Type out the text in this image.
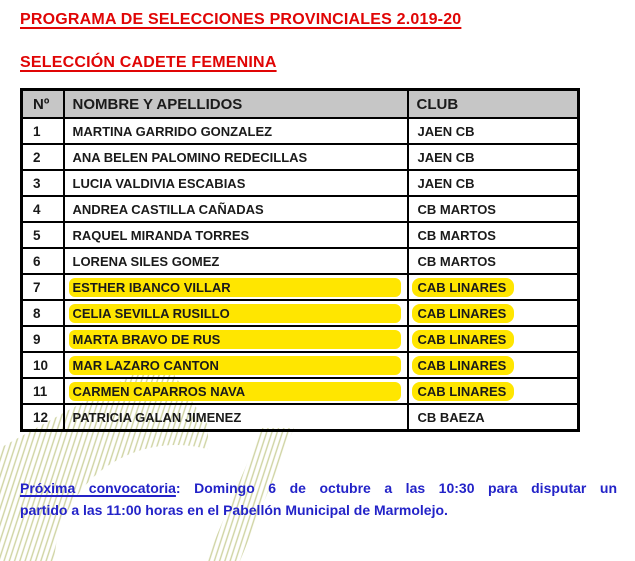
PROGRAMA DE SELECCIONES PROVINCIALES 2.019-20
SELECCIÓN CADETE FEMENINA
Nº	NOMBRE Y APELLIDOS	CLUB
1	MARTINA GARRIDO GONZALEZ	JAEN CB
2	ANA BELEN PALOMINO REDECILLAS	JAEN CB
3	LUCIA VALDIVIA ESCABIAS	JAEN CB
4	ANDREA CASTILLA CAÑADAS	CB MARTOS
5	RAQUEL MIRANDA TORRES	CB MARTOS
6	LORENA SILES GOMEZ	CB MARTOS
7	ESTHER IBANCO VILLAR	CAB LINARES
8	CELIA SEVILLA RUSILLO	CAB LINARES
9	MARTA BRAVO DE RUS	CAB LINARES
10	MAR LAZARO CANTON	CAB LINARES
11	CARMEN CAPARROS NAVA	CAB LINARES
12	PATRICIA GALAN JIMENEZ	CB BAEZA
Próxima convocatoria: Domingo 6 de octubre a las 10:30 para disputar un
partido a las 11:00 horas en el Pabellón Municipal de Marmolejo.
